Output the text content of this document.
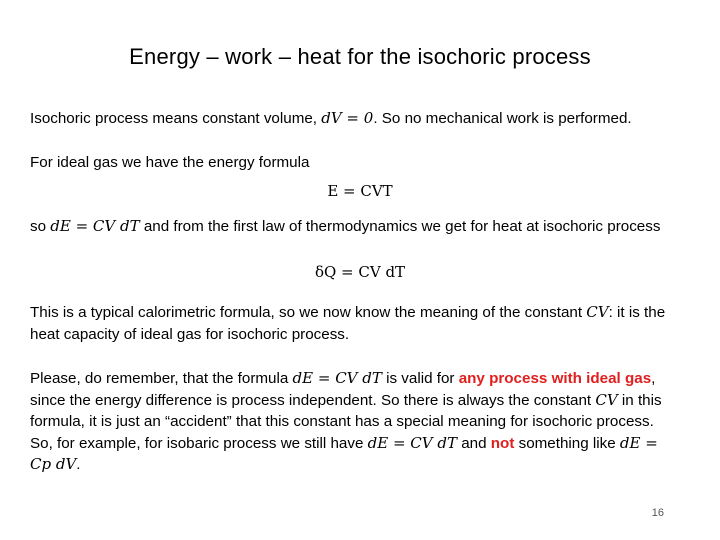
Energy – work – heat for the isochoric process
Isochoric process means constant volume, dV = 0. So no mechanical work is performed.
For ideal gas we have the energy formula
E = CVT
so dE = CV dT and from the first law of thermodynamics we get for heat at isochoric process
δQ = CV dT
This is a typical calorimetric formula, so we now know the meaning of the constant CV: it is the heat capacity of ideal gas for isochoric process.
Please, do remember, that the formula dE = CV dT is valid for any process with ideal gas, since the energy difference is process independent. So there is always the constant CV in this formula, it is just an “accident” that this constant has a special meaning for isochoric process. So, for example, for isobaric process we still have dE = CV dT and not something like dE = Cp dV.
16
